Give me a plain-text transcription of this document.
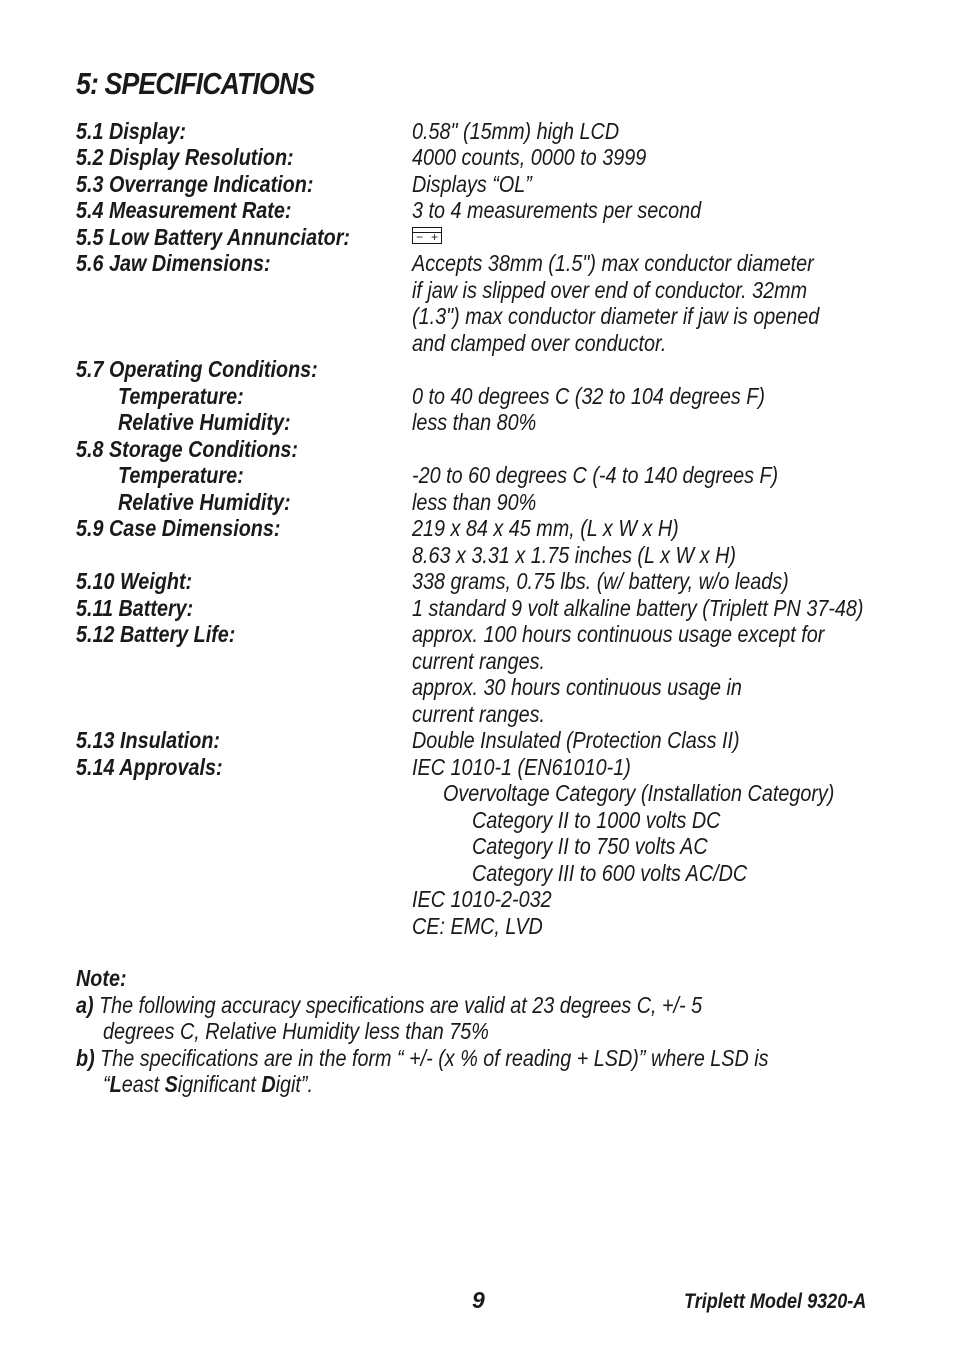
5: SPECIFICATIONS
5.1 Display:
5.2 Display Resolution:
5.3 Overrange Indication:
5.4 Measurement Rate:
5.5 Low Battery Annunciator:
5.6 Jaw Dimensions:
5.7 Operating Conditions:
Temperature:
Relative Humidity:
5.8 Storage Conditions:
Temperature:
Relative Humidity:
5.9 Case Dimensions:
5.10 Weight:
5.11 Battery:
5.12 Battery Life:
5.13 Insulation:
5.14 Approvals:
0.58" (15mm) high LCD
4000 counts, 0000 to 3999
Displays “OL”
3 to 4 measurements per second
− +
Accepts 38mm (1.5") max conductor diameter
if jaw is slipped over end of conductor. 32mm
(1.3") max conductor diameter if jaw is opened
and clamped over conductor.
0 to 40 degrees C (32 to 104 degrees F)
less than 80%
-20 to 60 degrees C (-4 to 140 degrees F)
less than 90%
219 x 84 x 45 mm, (L x W x H)
8.63 x 3.31 x 1.75 inches (L x W x H)
338 grams, 0.75 lbs. (w/ battery, w/o leads)
1 standard 9 volt alkaline battery (Triplett PN 37-48)
approx. 100 hours continuous usage except for
current ranges.
approx. 30 hours continuous usage in
current ranges.
Double Insulated (Protection Class II)
IEC 1010-1 (EN61010-1)
Overvoltage Category (Installation Category)
Category II to 1000 volts DC
Category II to 750 volts AC
Category III to 600 volts AC/DC
IEC 1010-2-032
CE: EMC, LVD
Note:
a) The following accuracy specifications are valid at 23 degrees C, +/- 5
degrees C, Relative Humidity less than 75%
b) The specifications are in the form “ +/- (x % of reading + LSD)” where LSD is
“Least Significant Digit”.
9	Triplett Model 9320-A
